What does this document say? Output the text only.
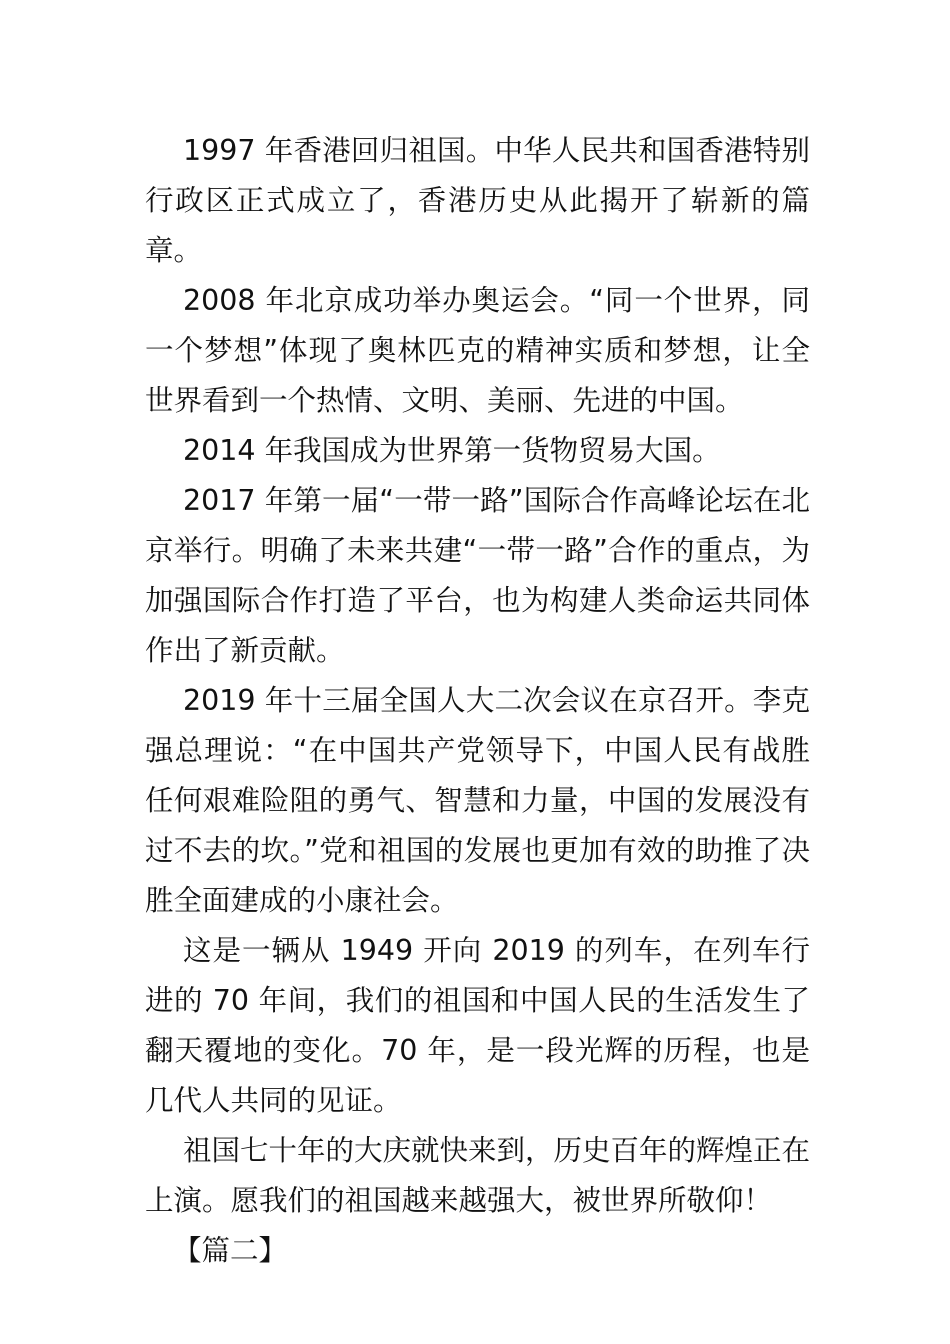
1997 年香港回归祖国。中华人民共和国香港特别行政区正式成立了，香港历史从此揭开了崭新的篇章。

2008 年北京成功举办奥运会。“同一个世界，同一个梦想”体现了奥林匹克的精神实质和梦想，让全世界看到一个热情、文明、美丽、先进的中国。

2014 年我国成为世界第一货物贸易大国。

2017 年第一届“一带一路”国际合作高峰论坛在北京举行。明确了未来共建“一带一路”合作的重点，为加强国际合作打造了平台，也为构建人类命运共同体作出了新贡献。

2019 年十三届全国人大二次会议在京召开。李克强总理说：“在中国共产党领导下，中国人民有战胜任何艰难险阻的勇气、智慧和力量，中国的发展没有过不去的坎。”党和祖国的发展也更加有效的助推了决胜全面建成的小康社会。

这是一辆从 1949 开向 2019 的列车，在列车行进的 70 年间，我们的祖国和中国人民的生活发生了翻天覆地的变化。70 年，是一段光辉的历程，也是几代人共同的见证。

祖国七十年的大庆就快来到，历史百年的辉煌正在上演。愿我们的祖国越来越强大，被世界所敬仰！

【篇二】
